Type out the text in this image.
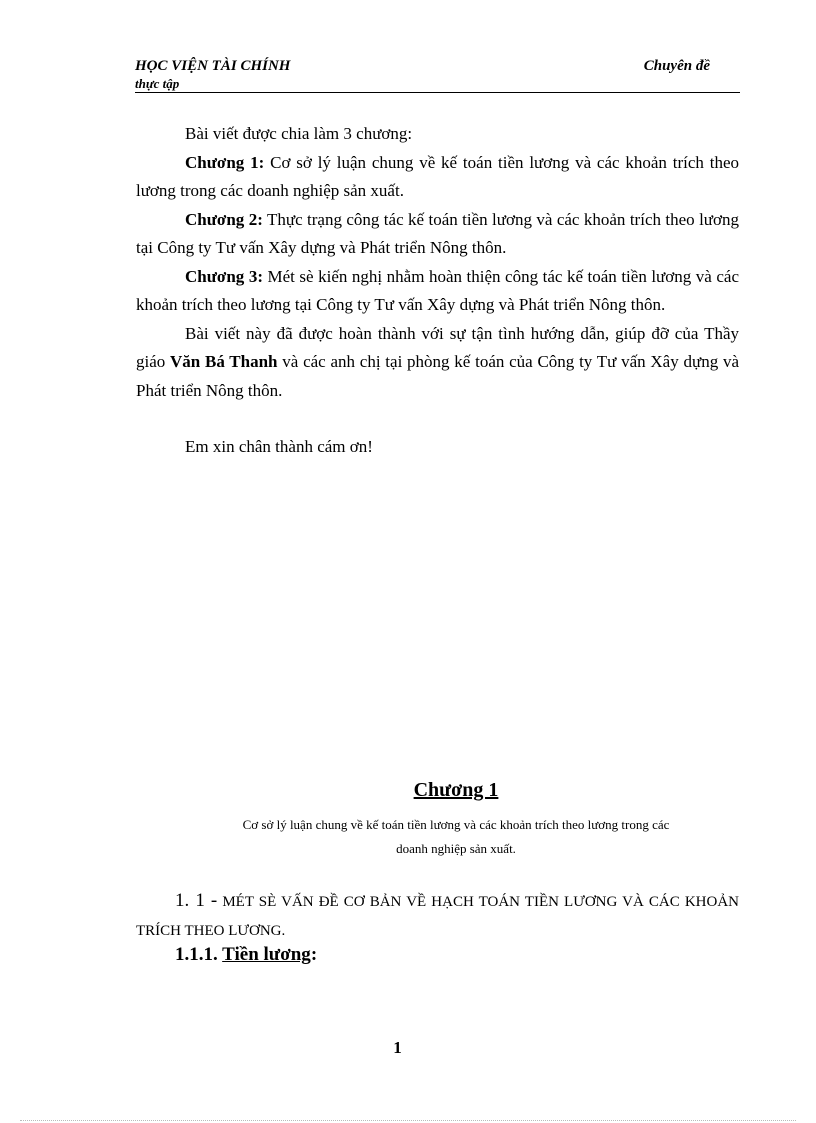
HỌC VIỆN TÀI CHÍNH	Chuyên đề
thực tập

Bài viết được chia làm 3 chương:

Chương 1: Cơ sở lý luận chung về kế toán tiền lương và các khoản trích theo lương trong các doanh nghiệp sản xuất.

Chương 2: Thực trạng công tác kế toán tiền lương và các khoản trích theo lương tại Công ty Tư vấn Xây dựng và Phát triển Nông thôn.

Chương 3: Mét sè kiến nghị nhằm hoàn thiện công tác kế toán tiền lương và các khoản trích theo lương tại Công ty Tư vấn Xây dựng và Phát triển Nông thôn.

Bài viết này đã được hoàn thành với sự tận tình hướng dẫn, giúp đỡ của Thầy giáo Văn Bá Thanh và các anh chị tại phòng kế toán của Công ty Tư vấn Xây dựng và Phát triển Nông thôn.

Em xin chân thành cám ơn!

Chương 1
Cơ sở lý luận chung về kế toán tiền lương và các khoản trích theo lương trong các
doanh nghiệp sản xuất.
1. 1 - MÉT SÈ VẤN ĐỀ CƠ BẢN VỀ HẠCH TOÁN TIỀN LƯƠNG VÀ CÁC KHOẢN TRÍCH THEO LƯƠNG.
1.1.1. Tiền lương:
1
